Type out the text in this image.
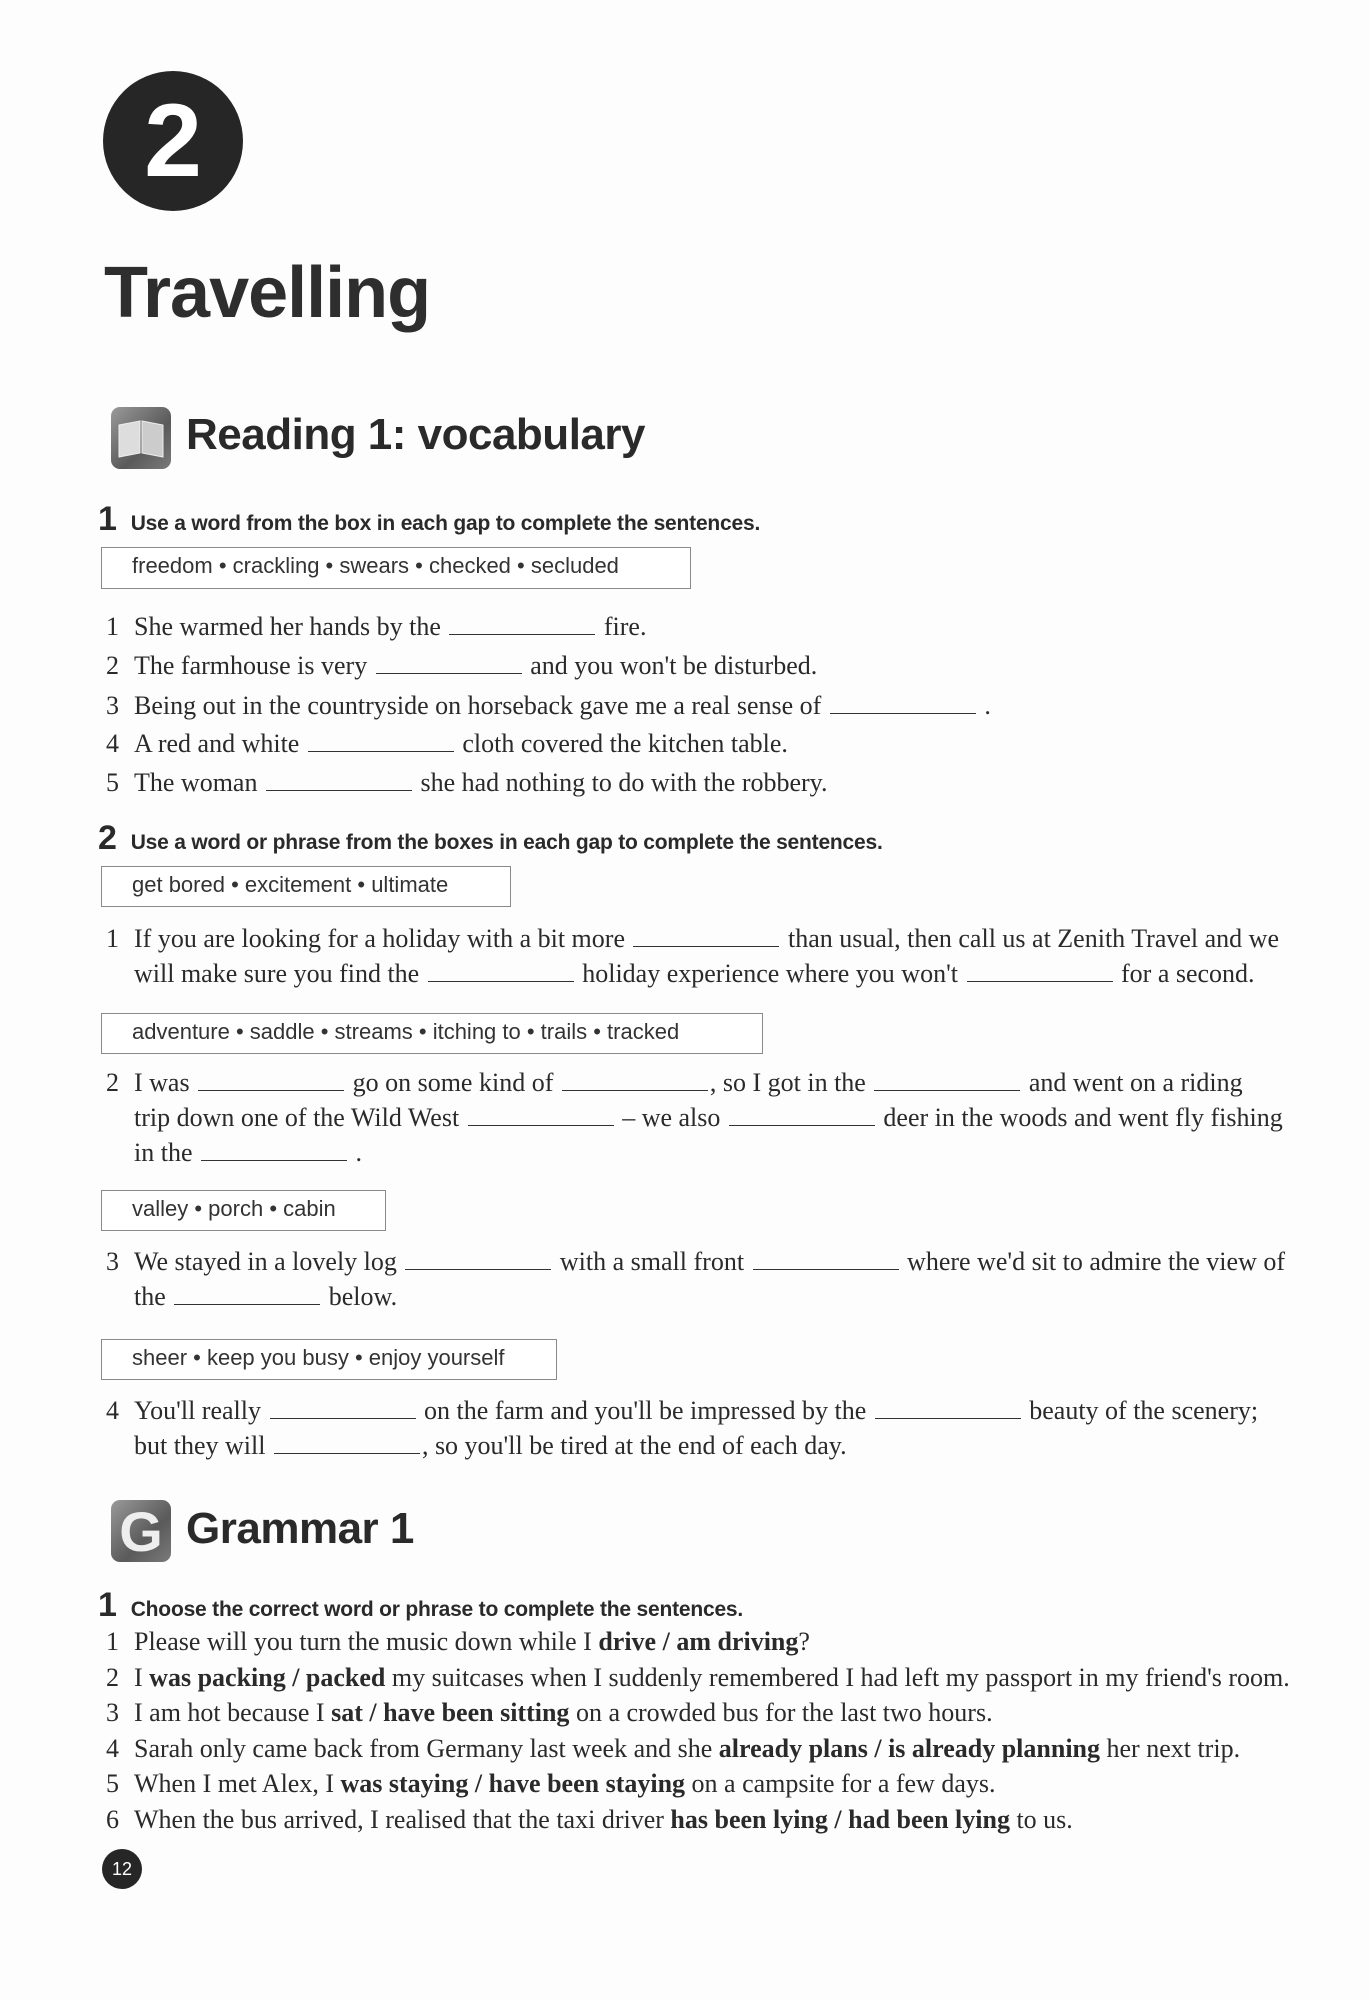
2
Travelling
Reading 1: vocabulary
1 Use a word from the box in each gap to complete the sentences.
freedom • crackling • swears • checked • secluded
1 She warmed her hands by the	fire.
2 The farmhouse is very	and you won't be disturbed.
3 Being out in the countryside on horseback gave me a real sense of	.
4 A red and white	cloth covered the kitchen table.
5 The woman	she had nothing to do with the robbery.
2 Use a word or phrase from the boxes in each gap to complete the sentences.
get bored • excitement • ultimate
adventure • saddle • streams • itching to • trails • tracked
valley • porch • cabin
sheer • keep you busy • enjoy yourself
1 If you are looking for a holiday with a bit more	than usual, then call us at Zenith Travel and we
will make sure you find the	holiday experience where you won't	for a second.
2 I was	go on some kind of	, so I got in the	and went on a riding
trip down one of the Wild West	– we also	deer in the woods and went fly fishing
in the	.
3 We stayed in a lovely log	with a small front	where we'd sit to admire the view of
the	below.
4 You'll really	on the farm and you'll be impressed by the	beauty of the scenery;
but they will	, so you'll be tired at the end of each day.
G Grammar 1
1 Choose the correct word or phrase to complete the sentences.
1 Please will you turn the music down while I drive / am driving?
2 I was packing / packed my suitcases when I suddenly remembered I had left my passport in my friend's room.
3 I am hot because I sat / have been sitting on a crowded bus for the last two hours.
4 Sarah only came back from Germany last week and she already plans / is already planning her next trip.
5 When I met Alex, I was staying / have been staying on a campsite for a few days.
6 When the bus arrived, I realised that the taxi driver has been lying / had been lying to us.
12
